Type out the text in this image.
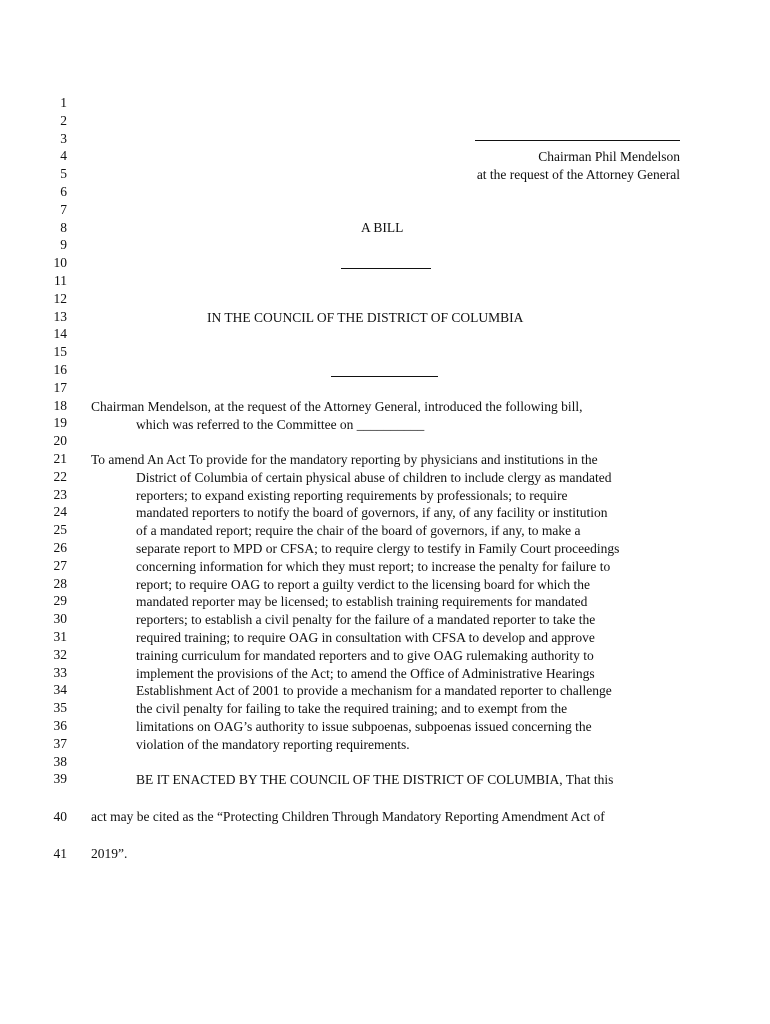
1
2
3
4
5
6
7
8
9
10
11
12
13
14
15
16
17
18
19
20
21
22
23
24
25
26
27
28
29
30
31
32
33
34
35
36
37
38
39
40
41
Chairman Phil Mendelson
at the request of the Attorney General
A BILL
IN THE COUNCIL OF THE DISTRICT OF COLUMBIA
Chairman Mendelson, at the request of the Attorney General, introduced the following bill,
which was referred to the Committee on __________
To amend An Act To provide for the mandatory reporting by physicians and institutions in the
District of Columbia of certain physical abuse of children to include clergy as mandated
reporters; to expand existing reporting requirements by professionals; to require
mandated reporters to notify the board of governors, if any, of any facility or institution
of a mandated report; require the chair of the board of governors, if any, to make a
separate report to MPD or CFSA; to require clergy to testify in Family Court proceedings
concerning information for which they must report; to increase the penalty for failure to
report; to require OAG to report a guilty verdict to the licensing board for which the
mandated reporter may be licensed; to establish training requirements for mandated
reporters; to establish a civil penalty for the failure of a mandated reporter to take the
required training; to require OAG in consultation with CFSA to develop and approve
training curriculum for mandated reporters and to give OAG rulemaking authority to
implement the provisions of the Act; to amend the Office of Administrative Hearings
Establishment Act of 2001 to provide a mechanism for a mandated reporter to challenge
the civil penalty for failing to take the required training; and to exempt from the
limitations on OAG’s authority to issue subpoenas, subpoenas issued concerning the
violation of the mandatory reporting requirements.
BE IT ENACTED BY THE COUNCIL OF THE DISTRICT OF COLUMBIA, That this
act may be cited as the “Protecting Children Through Mandatory Reporting Amendment Act of
2019”.
